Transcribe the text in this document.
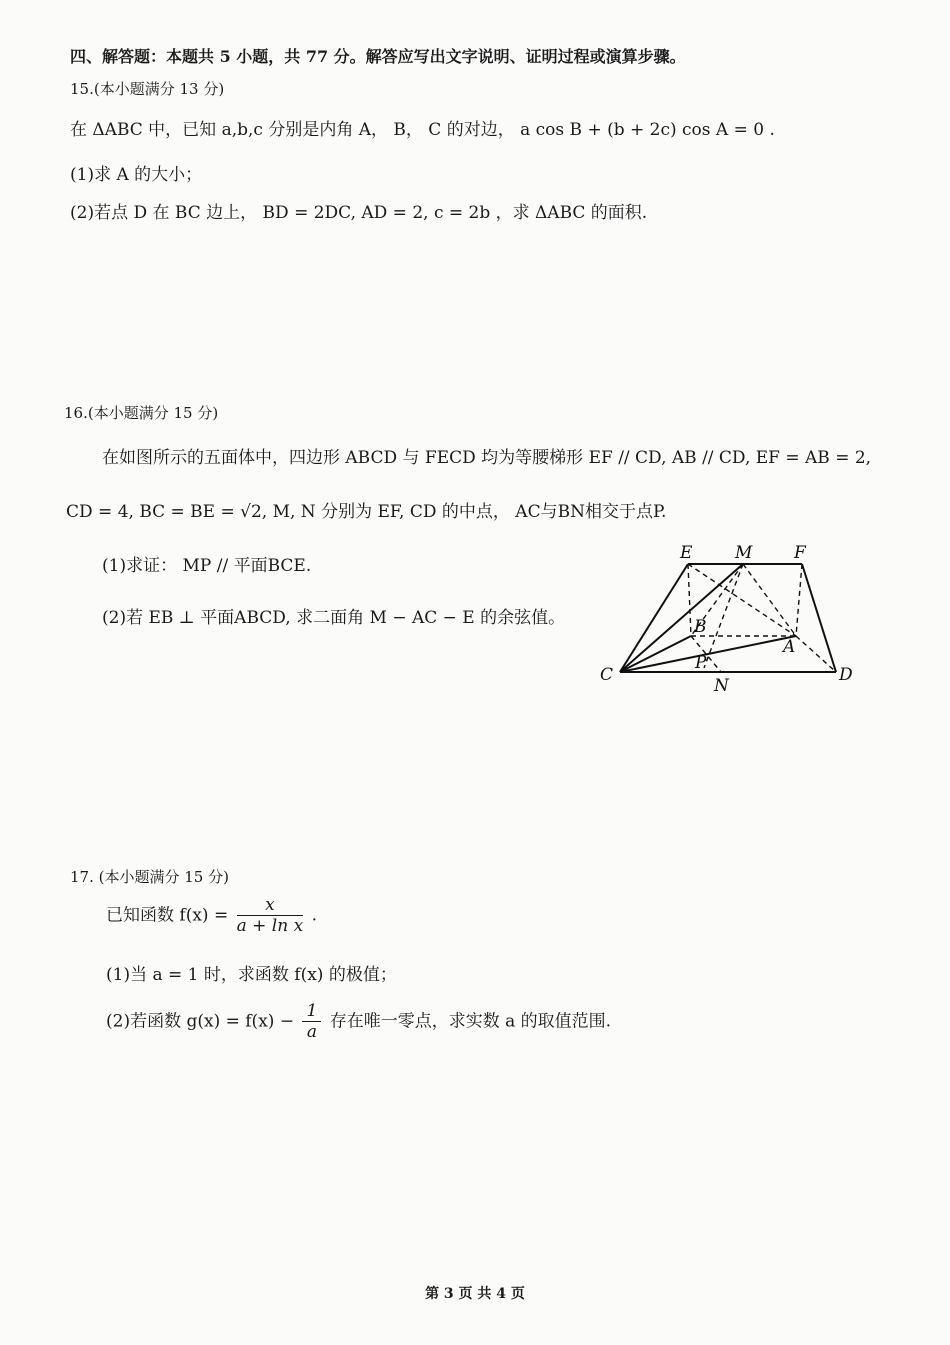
四、解答题：本题共 5 小题，共 77 分。解答应写出文字说明、证明过程或演算步骤。
15.(本小题满分 13 分)
在 ΔABC 中，已知 a,b,c 分别是内角 A， B， C 的对边， a cos B + (b + 2c) cos A = 0 .
(1)求 A 的大小；
(2)若点 D 在 BC 边上， BD = 2DC, AD = 2, c = 2b ，求 ΔABC 的面积.
16.(本小题满分 15 分)
在如图所示的五面体中，四边形 ABCD 与 FECD 均为等腰梯形 EF // CD, AB // CD, EF = AB = 2,
CD = 4, BC = BE = √2, M, N 分别为 EF, CD 的中点， AC与BN相交于点P.
(1)求证： MP // 平面BCE.
(2)若 EB ⊥ 平面ABCD, 求二面角 M − AC − E 的余弦值。
E	M F
B
A
C
P
N
D
17. (本小题满分 15 分)
已知函数 $f(x) = \frac{x}{\text{a + ln x}}$ .
(1)当 a = 1 时，求函数 f(x) 的极值；
(2)若函数 $g(x) = f(x) - \frac{1}{a}$ 存在唯一零点，求实数 a 的取值范围.
第 3 页 共 4 页
